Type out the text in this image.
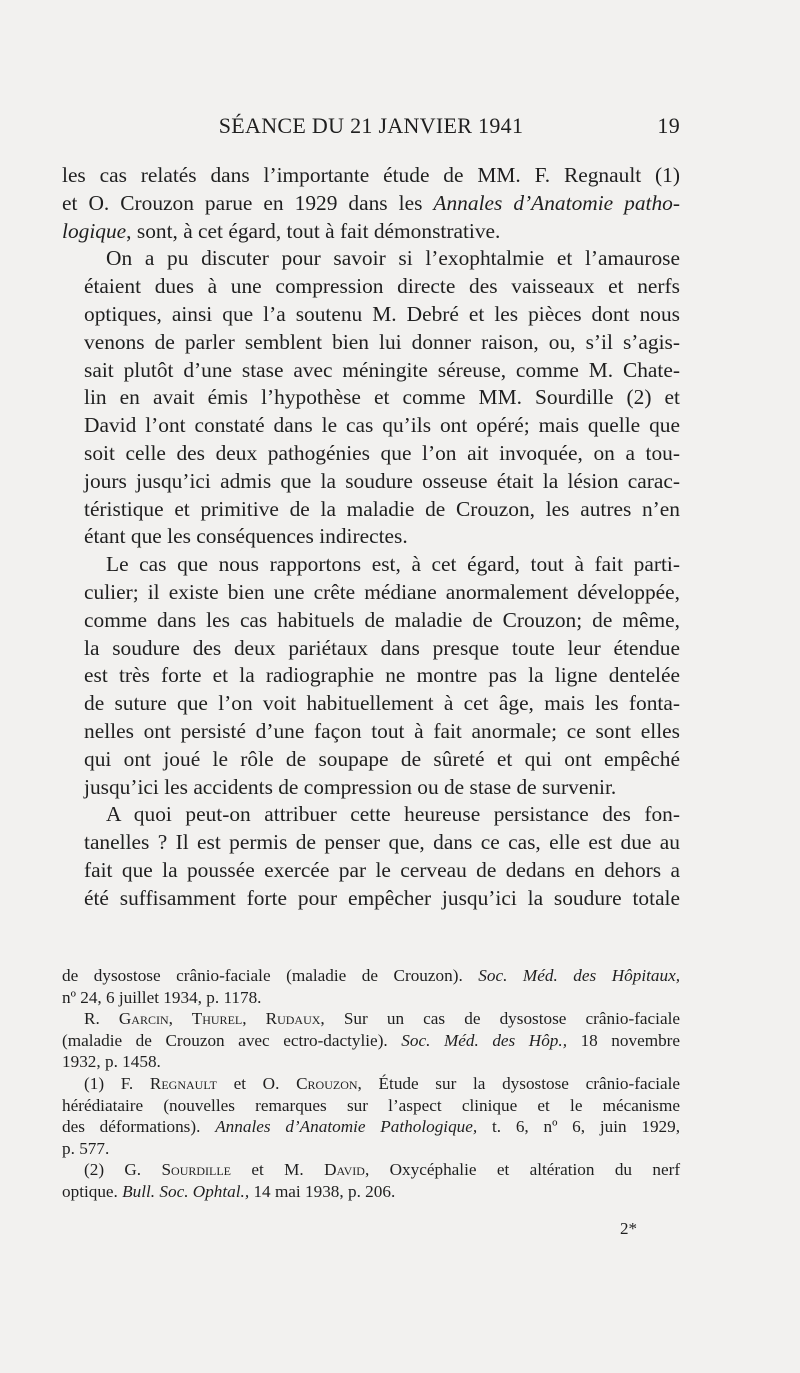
SÉANCE DU 21 JANVIER 1941	19

les cas relatés dans l’importante étude de MM. F. Regnault (1)
et O. Crouzon parue en 1929 dans les Annales d’Anatomie patho-
logique, sont, à cet égard, tout à fait démonstrative.

On a pu discuter pour savoir si l’exophtalmie et l’amaurose
étaient dues à une compression directe des vaisseaux et nerfs
optiques, ainsi que l’a soutenu M. Debré et les pièces dont nous
venons de parler semblent bien lui donner raison, ou, s’il s’agis-
sait plutôt d’une stase avec méningite séreuse, comme M. Chate-
lin en avait émis l’hypothèse et comme MM. Sourdille (2) et
David l’ont constaté dans le cas qu’ils ont opéré; mais quelle que
soit celle des deux pathogénies que l’on ait invoquée, on a tou-
jours jusqu’ici admis que la soudure osseuse était la lésion carac-
téristique et primitive de la maladie de Crouzon, les autres n’en
étant que les conséquences indirectes.

Le cas que nous rapportons est, à cet égard, tout à fait parti-
culier; il existe bien une crête médiane anormalement développée,
comme dans les cas habituels de maladie de Crouzon; de même,
la soudure des deux pariétaux dans presque toute leur étendue
est très forte et la radiographie ne montre pas la ligne dentelée
de suture que l’on voit habituellement à cet âge, mais les fonta-
nelles ont persisté d’une façon tout à fait anormale; ce sont elles
qui ont joué le rôle de soupape de sûreté et qui ont empêché
jusqu’ici les accidents de compression ou de stase de survenir.

A quoi peut-on attribuer cette heureuse persistance des fon-
tanelles ? Il est permis de penser que, dans ce cas, elle est due au
fait que la poussée exercée par le cerveau de dedans en dehors a
été suffisamment forte pour empêcher jusqu’ici la soudure totale

de dysostose crânio-faciale (maladie de Crouzon). Soc. Méd. des Hôpitaux,
nº 24, 6 juillet 1934, p. 1178.
R. Garcin, Thurel, Rudaux, Sur un cas de dysostose crânio-faciale
(maladie de Crouzon avec ectro-dactylie). Soc. Méd. des Hôp., 18 novembre
1932, p. 1458.
(1) F. Regnault et O. Crouzon, Étude sur la dysostose crânio-faciale
hérédiataire (nouvelles remarques sur l’aspect clinique et le mécanisme
des déformations). Annales d’Anatomie Pathologique, t. 6, nº 6, juin 1929,
p. 577.
(2) G. Sourdille et M. David, Oxycéphalie et altération du nerf
optique. Bull. Soc. Ophtal., 14 mai 1938, p. 206.
2*
